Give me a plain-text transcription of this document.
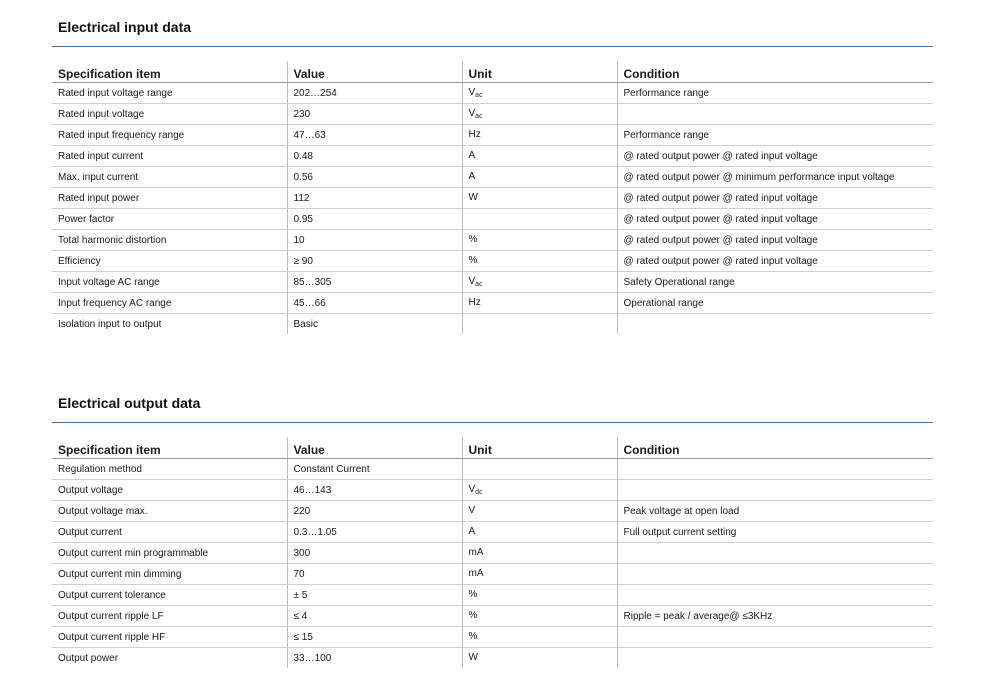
Electrical input data
Specification item	Value	Unit	Condition
Rated input voltage range	202…254	$V_{ac}$	Performance range
Rated input voltage	230	$V_{ac}$	
Rated input frequency range	47…63	Hz	Performance range
Rated input current	0.48	A	@ rated output power @ rated input voltage
Max. input current	0.56	A	@ rated output power @ minimum performance input voltage
Rated input power	112	W	@ rated output power @ rated input voltage
Power factor	0.95		@ rated output power @ rated input voltage
Total harmonic distortion	10	%	@ rated output power @ rated input voltage
Efficiency	≥ 90	%	@ rated output power @ rated input voltage
Input voltage AC range	85…305	$V_{ac}$	Safety Operational range
Input frequency AC range	45…66	Hz	Operational range
Isolation input to output	Basic		
Electrical output data
Specification item	Value	Unit	Condition
Regulation method	Constant Current		
Output voltage	46…143	$V_{dc}$	
Output voltage max.	220	V	Peak voltage at open load
Output current	0.3…1.05	A	Full output current setting
Output current min programmable	300	mA	
Output current min dimming	70	mA	
Output current tolerance	± 5	%	
Output current ripple LF	≤ 4	%	Ripple = peak / average@ ≤3KHz
Output current ripple HF	≤ 15	%	
Output power	33…100	W	
